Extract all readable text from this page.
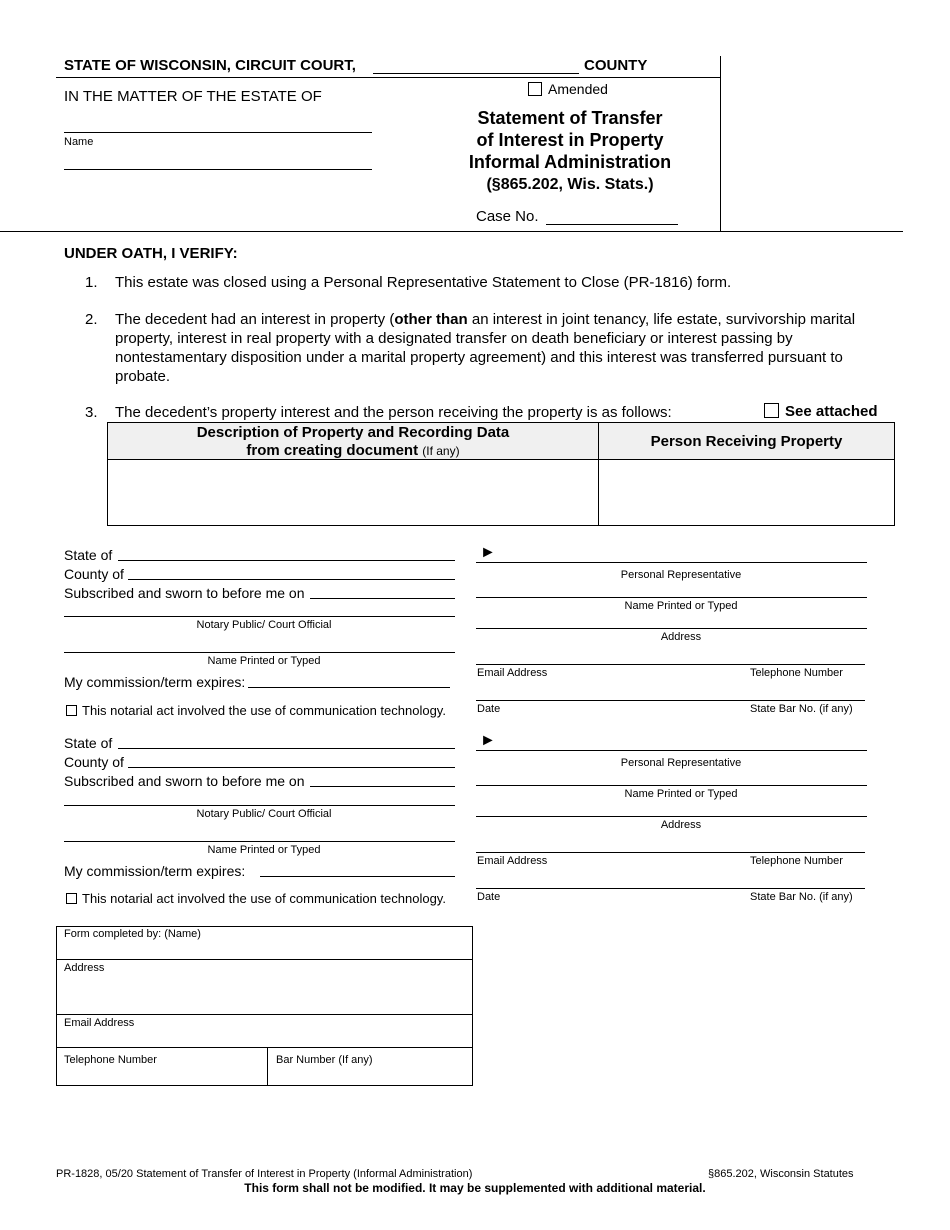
STATE OF WISCONSIN, CIRCUIT COURT,	COUNTY
IN THE MATTER OF THE ESTATE OF
Name
Amended
Statement of Transfer
of Interest in Property
Informal Administration
(§865.202, Wis. Stats.)
Case No.
UNDER OATH, I VERIFY:
1. This estate was closed using a Personal Representative Statement to Close (PR-1816) form.
2. The decedent had an interest in property (other than an interest in joint tenancy, life estate, survivorship marital property, interest in real property with a designated transfer on death beneficiary or interest passing by nontestamentary disposition under a marital property agreement) and this interest was transferred pursuant to probate.
3. The decedent’s property interest and the person receiving the property is as follows:	See attached
Description of Property and Recording Data
from creating document (If any)
Person Receiving Property
State of
County of
Subscribed and sworn to before me on
Notary Public/ Court Official
Name Printed or Typed
My commission/term expires:
This notarial act involved the use of communication technology.
►
Personal Representative
Name Printed or Typed
Address
Email Address	Telephone Number
Date	State Bar No. (if any)
State of
County of
Subscribed and sworn to before me on
Notary Public/ Court Official
Name Printed or Typed
My commission/term expires:
This notarial act involved the use of communication technology.
►
Personal Representative
Name Printed or Typed
Address
Email Address	Telephone Number
Date	State Bar No. (if any)
Form completed by: (Name)
Address
Email Address
Telephone Number	Bar Number (If any)
PR-1828, 05/20 Statement of Transfer of Interest in Property (Informal Administration)	§865.202, Wisconsin Statutes
This form shall not be modified. It may be supplemented with additional material.
